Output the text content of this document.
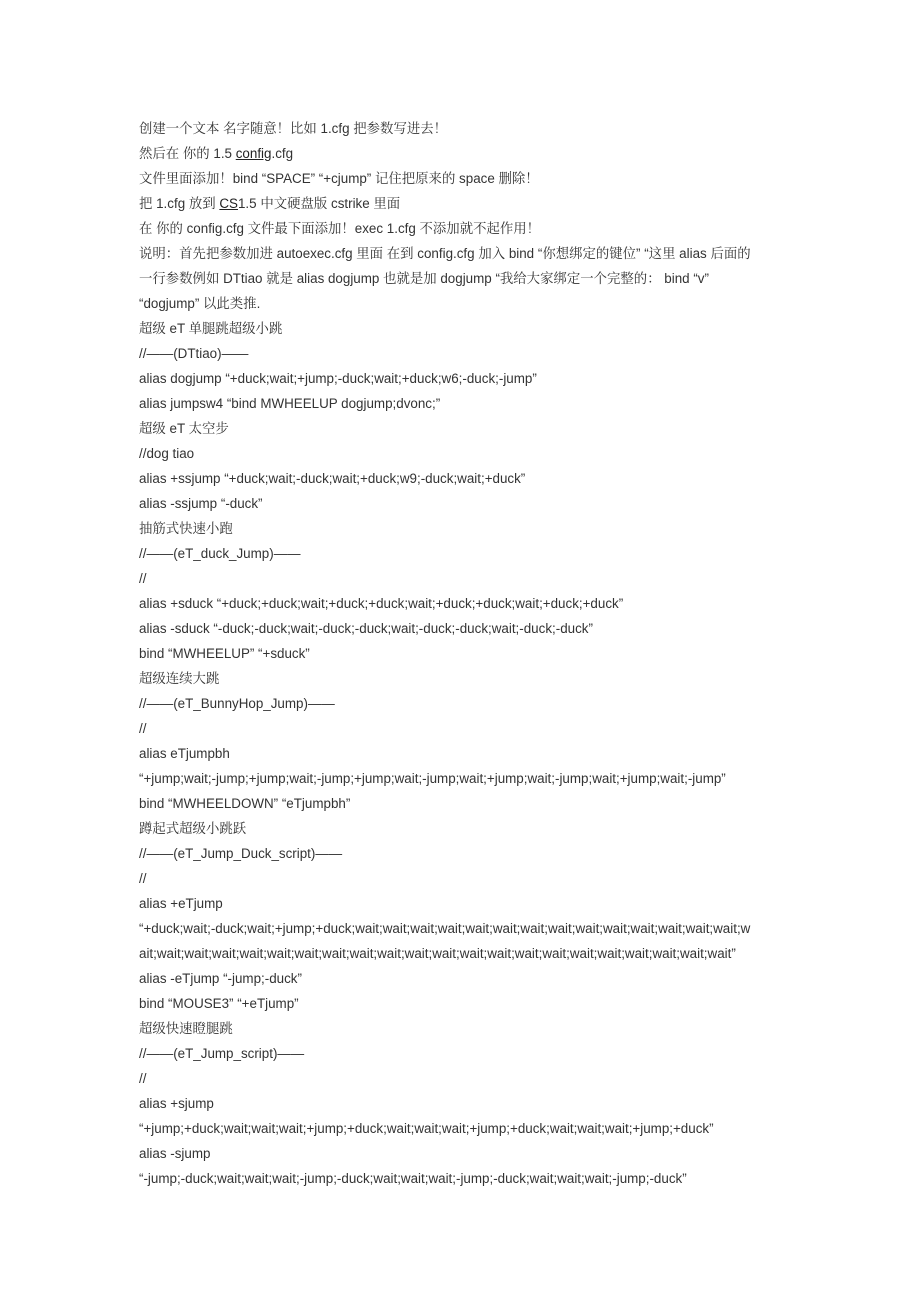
创建一个文本 名字随意！比如 1.cfg 把参数写进去！
然后在 你的 1.5 config.cfg
文件里面添加！bind “SPACE” “+cjump” 记住把原来的 space 删除！
把 1.cfg 放到 CS1.5 中文硬盘版 cstrike 里面
在 你的 config.cfg 文件最下面添加！exec 1.cfg 不添加就不起作用！
说明：首先把参数加进 autoexec.cfg 里面 在到 config.cfg 加入 bind “你想绑定的键位” “这里 alias 后面的
一行参数例如 DTtiao 就是 alias dogjump 也就是加 dogjump “我给大家绑定一个完整的： bind “v”
“dogjump” 以此类推.
超级 eT 单腿跳超级小跳
//——(DTtiao)——
alias dogjump “+duck;wait;+jump;-duck;wait;+duck;w6;-duck;-jump”
alias jumpsw4 “bind MWHEELUP dogjump;dvonc;”
超级 eT 太空步
//dog tiao
alias +ssjump “+duck;wait;-duck;wait;+duck;w9;-duck;wait;+duck”
alias -ssjump “-duck”
抽筋式快速小跑
//——(eT_duck_Jump)——
//
alias +sduck “+duck;+duck;wait;+duck;+duck;wait;+duck;+duck;wait;+duck;+duck”
alias -sduck “-duck;-duck;wait;-duck;-duck;wait;-duck;-duck;wait;-duck;-duck”
bind “MWHEELUP” “+sduck”
超级连续大跳
//——(eT_BunnyHop_Jump)——
//
alias eTjumpbh
“+jump;wait;-jump;+jump;wait;-jump;+jump;wait;-jump;wait;+jump;wait;-jump;wait;+jump;wait;-jump”
bind “MWHEELDOWN” “eTjumpbh”
蹲起式超级小跳跃
//——(eT_Jump_Duck_script)——
//
alias +eTjump
“+duck;wait;-duck;wait;+jump;+duck;wait;wait;wait;wait;wait;wait;wait;wait;wait;wait;wait;wait;wait;wait;w
ait;wait;wait;wait;wait;wait;wait;wait;wait;wait;wait;wait;wait;wait;wait;wait;wait;wait;wait;wait;wait;wait”
alias -eTjump “-jump;-duck”
bind “MOUSE3” “+eTjump”
超级快速瞪腿跳
//——(eT_Jump_script)——
//
alias +sjump
“+jump;+duck;wait;wait;wait;+jump;+duck;wait;wait;wait;+jump;+duck;wait;wait;wait;+jump;+duck”
alias -sjump
“-jump;-duck;wait;wait;wait;-jump;-duck;wait;wait;wait;-jump;-duck;wait;wait;wait;-jump;-duck”
